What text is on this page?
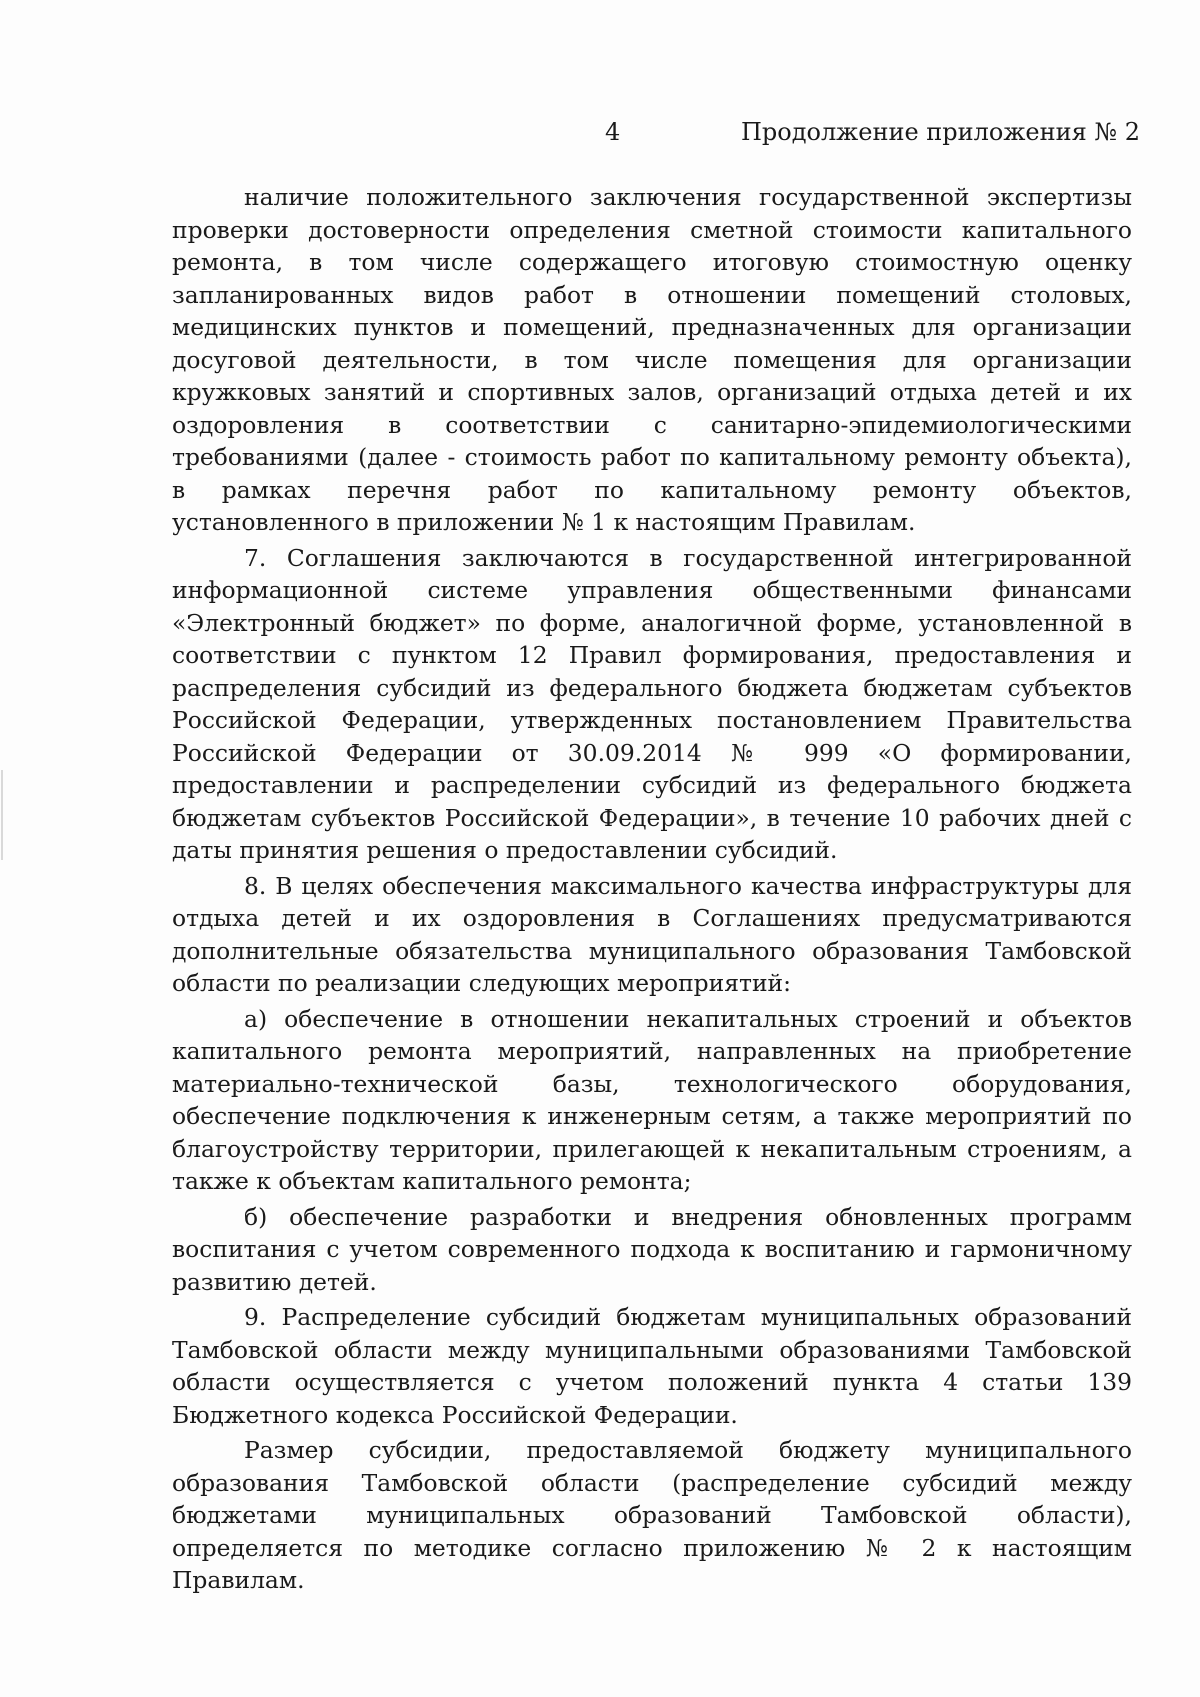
4	Продолжение приложения № 2

наличие положительного заключения государственной экспертизы проверки достоверности определения сметной стоимости капитального ремонта, в том числе содержащего итоговую стоимостную оценку запланированных видов работ в отношении помещений столовых, медицинских пунктов и помещений, предназначенных для организации досуговой деятельности, в том числе помещения для организации кружковых занятий и спортивных залов, организаций отдыха детей и их оздоровления в соответствии с санитарно-эпидемиологическими требованиями (далее - стоимость работ по капитальному ремонту объекта), в рамках перечня работ по капитальному ремонту объектов, установленного в приложении № 1 к настоящим Правилам.

7. Соглашения заключаются в государственной интегрированной информационной системе управления общественными финансами «Электронный бюджет» по форме, аналогичной форме, установленной в соответствии с пунктом 12 Правил формирования, предоставления и распределения субсидий из федерального бюджета бюджетам субъектов Российской Федерации, утвержденных постановлением Правительства Российской Федерации от 30.09.2014 № 999 «О формировании, предоставлении и распределении субсидий из федерального бюджета бюджетам субъектов Российской Федерации», в течение 10 рабочих дней с даты принятия решения о предоставлении субсидий.

8. В целях обеспечения максимального качества инфраструктуры для отдыха детей и их оздоровления в Соглашениях предусматриваются дополнительные обязательства муниципального образования Тамбовской области по реализации следующих мероприятий:

а) обеспечение в отношении некапитальных строений и объектов капитального ремонта мероприятий, направленных на приобретение материально-технической базы, технологического оборудования, обеспечение подключения к инженерным сетям, а также мероприятий по благоустройству территории, прилегающей к некапитальным строениям, а также к объектам капитального ремонта;

б) обеспечение разработки и внедрения обновленных программ воспитания с учетом современного подхода к воспитанию и гармоничному развитию детей.

9. Распределение субсидий бюджетам муниципальных образований Тамбовской области между муниципальными образованиями Тамбовской области осуществляется с учетом положений пункта 4 статьи 139 Бюджетного кодекса Российской Федерации.

Размер субсидии, предоставляемой бюджету муниципального образования Тамбовской области (распределение субсидий между бюджетами муниципальных образований Тамбовской области), определяется по методике согласно приложению № 2 к настоящим Правилам.
